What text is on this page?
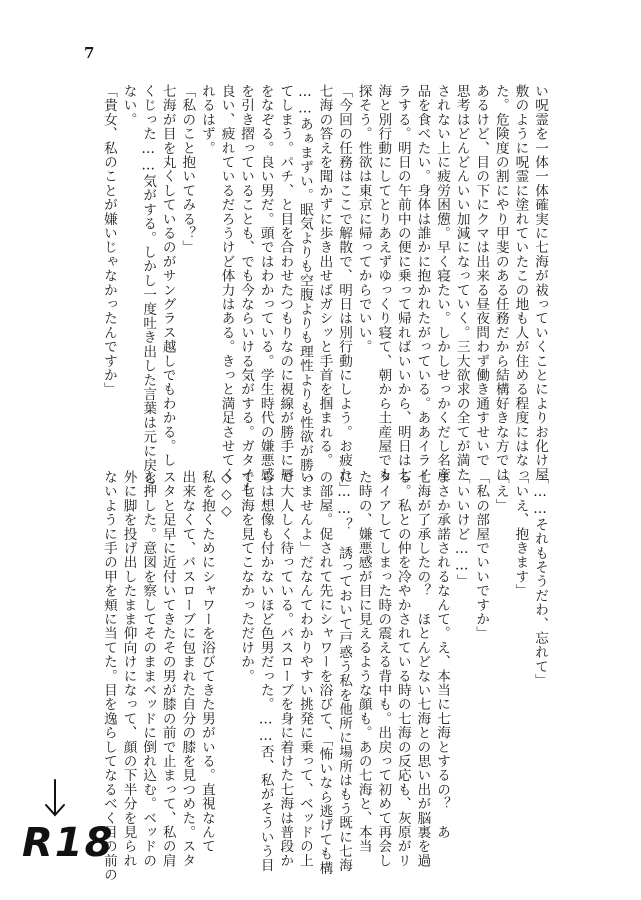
7

い呪霊を一体一体確実に七海が祓っていくことによりお化け屋

敷のように呪霊に塗れていたこの地も人が住める程度にはなっ

た。危険度の割にやり甲斐のある任務だから結構好きな方では

あるけど、目の下にクマは出来る昼夜問わず働き通すせいで

思考はどんどんいい加減になっていく。三大欲求の全てが満た

されない上に疲労困憊。早く寝たい。しかしせっかくだし名産

品を食べたい。身体は誰かに抱かれたがっている。ああイライ

ラする。明日の午前中の便に乗って帰ればいいから、明日は七

海と別行動にしてとりあえずゆっくり寝て、朝から土産屋でも

探そう。性欲は東京に帰ってからでいい。

「今回の任務はここで解散で、明日は別行動にしよう。お疲れ」

七海の答えを聞かずに歩き出せばガシッと手首を掴まれる。

……あぁまずい。眠気よりも空腹よりも理性よりも性欲が勝っ

てしまう。パチ、と目を合わせたつもりなのに視線が勝手に唇

をなぞる。良い男だ。頭ではわかっている。学生時代の嫌悪感

を引き摺っていることも、でも今ならいける気がする。ガタイも

良い、疲れているだろうけど体力はある。きっと満足させてく

れるはず。

「私のこと抱いてみる？」

七海が目を丸くしているのがサングラス越しでもわかる。し

くじった……気がする。しかし一度吐き出した言葉は元に戻ら

ない。

「貴女、私のことが嫌いじゃなかったんですか」

「……それもそうだわ、忘れて」

「いえ、抱きます」

「え」

「私の部屋でいいですか」

「いいけど……」

まさか承諾されるなんて。え、本当に七海とするの？　あ

七海が了承したの？　ほとんどない七海との思い出が脳裏を過

る。私との仲を冷やかされている時の七海の反応も、灰原がリ

タイアしてしまった時の震える背中も。出戻って初めて再会し

た時の、嫌悪感が目に見えるような顔も。あの七海と、本当

に……？　誘っておいて戸惑う私を他所に場所はもう既に七海

の部屋。促されて先にシャワーを浴びて、「怖いなら逃げても構

いませんよ」だなんてわかりやすい挑発に乗って、ベッドの上

で大人しく待っている。バスローブを身に着けた七海は普段か

らは想像も付かないほど色男だった。……否、私がそういう目

で七海を見てこなかっただけか。

◇◇◇

私を抱くためにシャワーを浴びてきた男がいる。直視なんて

出来なくて、バスローブに包まれた自分の膝を見つめた。スタ

スタと足早に近付いてきたその男が膝の前で止まって、私の肩

を押した。意図を察してそのままベッドに倒れ込む。ベッドの

外に脚を投げ出したまま仰向けになって、顔の下半分を見られ

ないように手の甲を頬に当てた。目を逸らしてなるべく目の前の

R18
